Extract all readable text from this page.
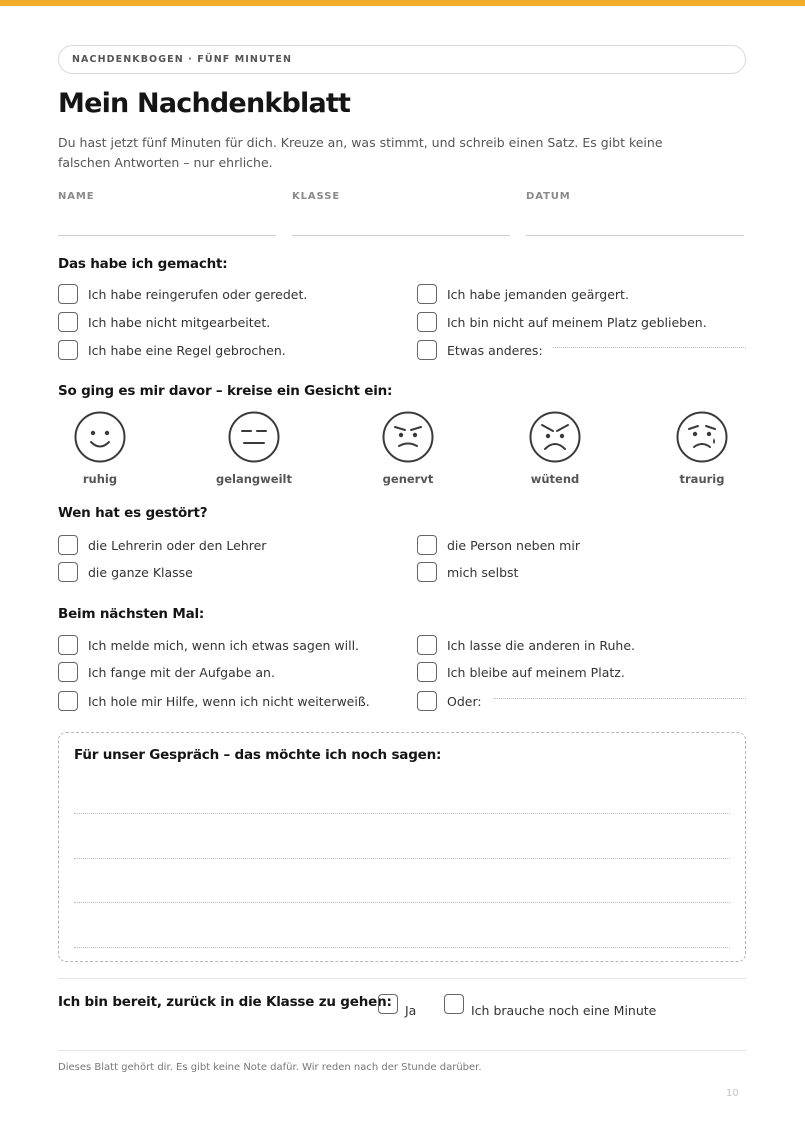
NACHDENKBOGEN · FÜNF MINUTEN
Mein Nachdenkblatt
Du hast jetzt fünf Minuten für dich. Kreuze an, was stimmt, und schreib einen Satz. Es gibt keine falschen Antworten – nur ehrliche.
NAME	KLASSE	DATUM
Das habe ich gemacht:
Ich habe reingerufen oder geredet.
Ich habe nicht mitgearbeitet.
Ich habe eine Regel gebrochen.
Ich habe jemanden geärgert.
Ich bin nicht auf meinem Platz geblieben.
Etwas anderes:
So ging es mir davor – kreise ein Gesicht ein:
ruhig	gelangweilt	genervt	wütend	traurig
Wen hat es gestört?
die Lehrerin oder den Lehrer
die ganze Klasse
die Person neben mir
mich selbst
Beim nächsten Mal:
Ich melde mich, wenn ich etwas sagen will.
Ich fange mit der Aufgabe an.
Ich hole mir Hilfe, wenn ich nicht weiterweiß.
Ich lasse die anderen in Ruhe.
Ich bleibe auf meinem Platz.
Oder:
Für unser Gespräch – das möchte ich noch sagen:
Ich bin bereit, zurück in die Klasse zu gehen: Ja	Ich brauche noch eine Minute
Dieses Blatt gehört dir. Es gibt keine Note dafür. Wir reden nach der Stunde darüber.
10
